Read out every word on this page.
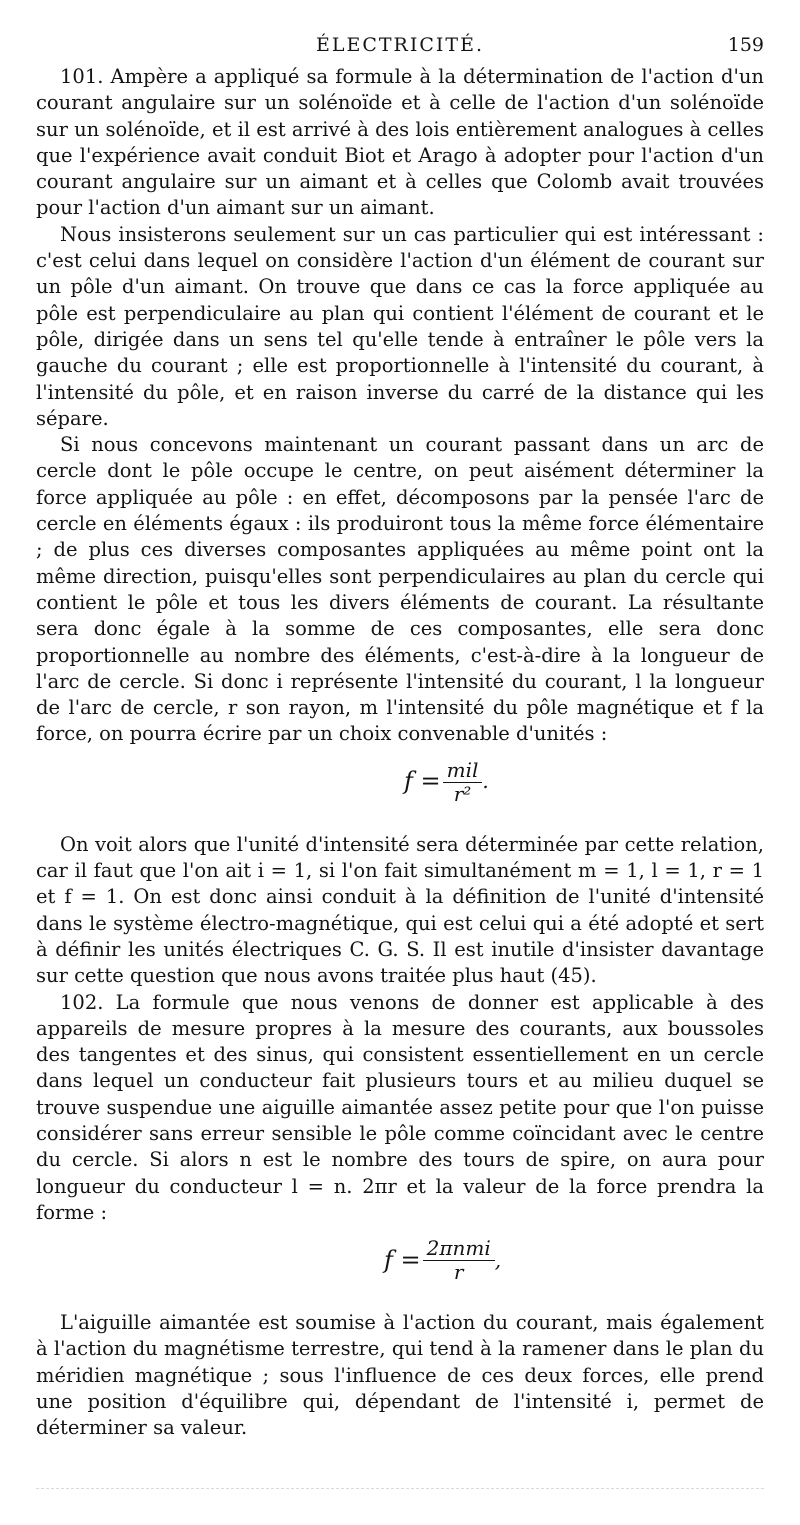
ÉLECTRICITÉ.	159

101. Ampère a appliqué sa formule à la détermination de l'action d'un courant angulaire sur un solénoïde et à celle de l'action d'un solénoïde sur un solénoïde, et il est arrivé à des lois entièrement analogues à celles que l'expérience avait conduit Biot et Arago à adopter pour l'action d'un courant angulaire sur un aimant et à celles que Colomb avait trouvées pour l'action d'un aimant sur un aimant.

Nous insisterons seulement sur un cas particulier qui est intéressant : c'est celui dans lequel on considère l'action d'un élément de courant sur un pôle d'un aimant. On trouve que dans ce cas la force appliquée au pôle est perpendiculaire au plan qui contient l'élément de courant et le pôle, dirigée dans un sens tel qu'elle tende à entraîner le pôle vers la gauche du courant ; elle est proportionnelle à l'intensité du courant, à l'intensité du pôle, et en raison inverse du carré de la distance qui les sépare.

Si nous concevons maintenant un courant passant dans un arc de cercle dont le pôle occupe le centre, on peut aisément déterminer la force appliquée au pôle : en effet, décomposons par la pensée l'arc de cercle en éléments égaux : ils produiront tous la même force élémentaire ; de plus ces diverses composantes appliquées au même point ont la même direction, puisqu'elles sont perpendiculaires au plan du cercle qui contient le pôle et tous les divers éléments de courant. La résultante sera donc égale à la somme de ces composantes, elle sera donc proportionnelle au nombre des éléments, c'est-à-dire à la longueur de l'arc de cercle. Si donc i représente l'intensité du courant, l la longueur de l'arc de cercle, r son rayon, m l'intensité du pôle magnétique et f la force, on pourra écrire par un choix convenable d'unités :

$f = \frac{\text{mil}}{\text{r²}}$ .

On voit alors que l'unité d'intensité sera déterminée par cette relation, car il faut que l'on ait i = 1, si l'on fait simultanément m = 1, l = 1, r = 1 et f = 1. On est donc ainsi conduit à la définition de l'unité d'intensité dans le système électro-magnétique, qui est celui qui a été adopté et sert à définir les unités électriques C. G. S. Il est inutile d'insister davantage sur cette question que nous avons traitée plus haut (45).

102. La formule que nous venons de donner est applicable à des appareils de mesure propres à la mesure des courants, aux boussoles des tangentes et des sinus, qui consistent essentiellement en un cercle dans lequel un conducteur fait plusieurs tours et au milieu duquel se trouve suspendue une aiguille aimantée assez petite pour que l'on puisse considérer sans erreur sensible le pôle comme coïncidant avec le centre du cercle. Si alors n est le nombre des tours de spire, on aura pour longueur du conducteur l = n. 2πr et la valeur de la force prendra la forme :

$f = \frac{\text{2πnmi}}{r}$ ,

L'aiguille aimantée est soumise à l'action du courant, mais également à l'action du magnétisme terrestre, qui tend à la ramener dans le plan du méridien magnétique ; sous l'influence de ces deux forces, elle prend une position d'équilibre qui, dépendant de l'intensité i, permet de déterminer sa valeur.
